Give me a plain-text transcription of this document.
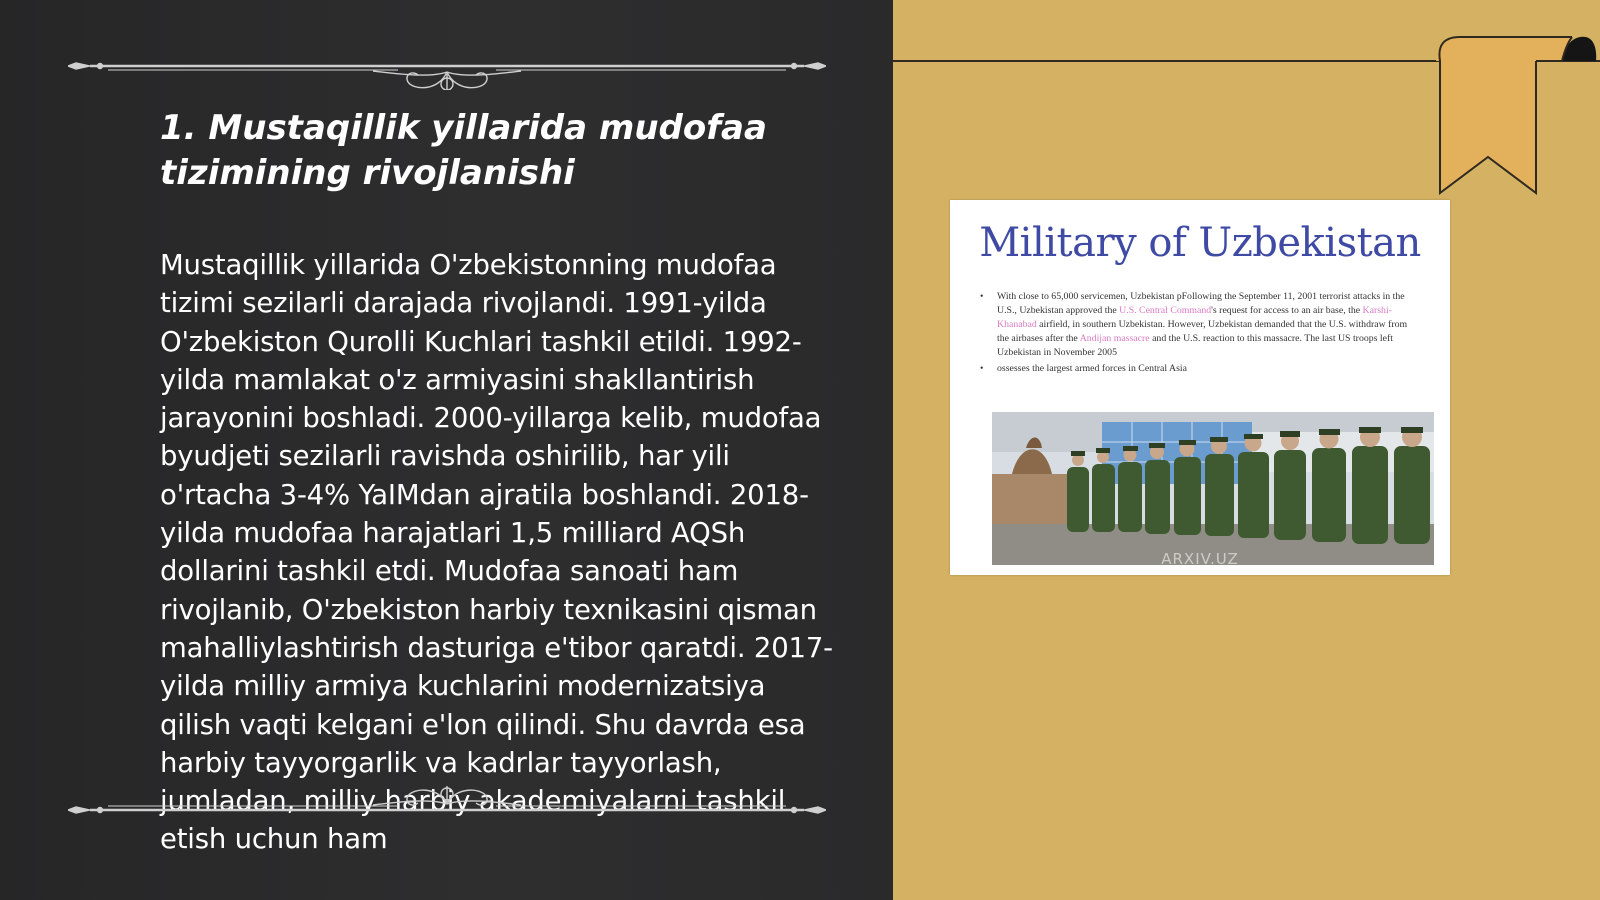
1. Mustaqillik yillarida mudofaa tizimining rivojlanishi

Mustaqillik yillarida O'zbekistonning mudofaa tizimi sezilarli darajada rivojlandi. 1991-yilda O'zbekiston Qurolli Kuchlari tashkil etildi. 1992-yilda mamlakat o'z armiyasini shakllantirish jarayonini boshladi. 2000-yillarga kelib, mudofaa byudjeti sezilarli ravishda oshirilib, har yili o'rtacha 3-4% YaIMdan ajratila boshlandi. 2018-yilda mudofaa harajatlari 1,5 milliard AQSh dollarini tashkil etdi. Mudofaa sanoati ham rivojlanib, O'zbekiston harbiy texnikasini qisman mahalliylashtirish dasturiga e'tibor qaratdi. 2017-yilda milliy armiya kuchlarini modernizatsiya qilish vaqti kelgani e'lon qilindi. Shu davrda esa harbiy tayyorgarlik va kadrlar tayyorlash, jumladan, milliy harbiy akademiyalarni tashkil etish uchun ham

Military of Uzbekistan
• With close to 65,000 servicemen, Uzbekistan pFollowing the September 11, 2001 terrorist attacks in the U.S., Uzbekistan approved the U.S. Central Command's request for access to an air base, the Karshi-Khanabad airfield, in southern Uzbekistan. However, Uzbekistan demanded that the U.S. withdraw from the airbases after the Andijan massacre and the U.S. reaction to this massacre. The last US troops left Uzbekistan in November 2005
• ossesses the largest armed forces in Central Asia
ARXIV.UZ
